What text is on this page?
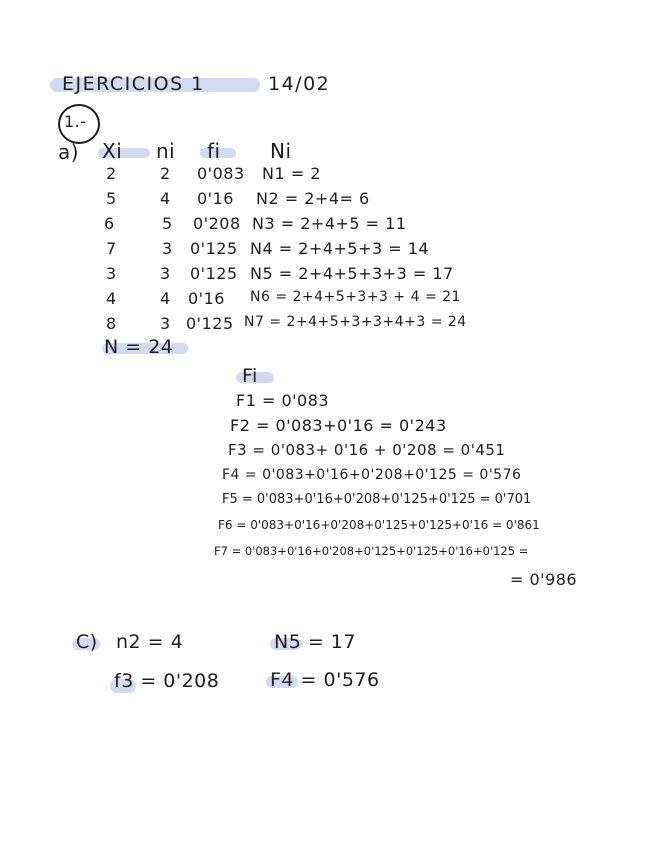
EJERCICIOS 1	14/02
1.-
a) Xi ni fi Ni
2	2 0'083 N1 = 2
5	4 0'16 N2 = 2+4= 6
6	5 0'208 N3 = 2+4+5 = 11
7	3 0'125 N4 = 2+4+5+3 = 14
3	3 0'125 N5 = 2+4+5+3+3 = 17
4	4 0'16 N6 = 2+4+5+3+3 + 4 = 21
8	3 0'125 N7 = 2+4+5+3+3+4+3 = 24
N = 24
Fi
F1 = 0'083
F2 = 0'083+0'16 = 0'243
F3 = 0'083+ 0'16 + 0'208 = 0'451
F4 = 0'083+0'16+0'208+0'125 = 0'576
F5 = 0'083+0'16+0'208+0'125+0'125 = 0'701
F6 = 0'083+0'16+0'208+0'125+0'125+0'16 = 0'861
F7 = 0'083+0'16+0'208+0'125+0'125+0'16+0'125 =
= 0'986
C) n2 = 4	N5 = 17
f3 = 0'208	F4 = 0'576
